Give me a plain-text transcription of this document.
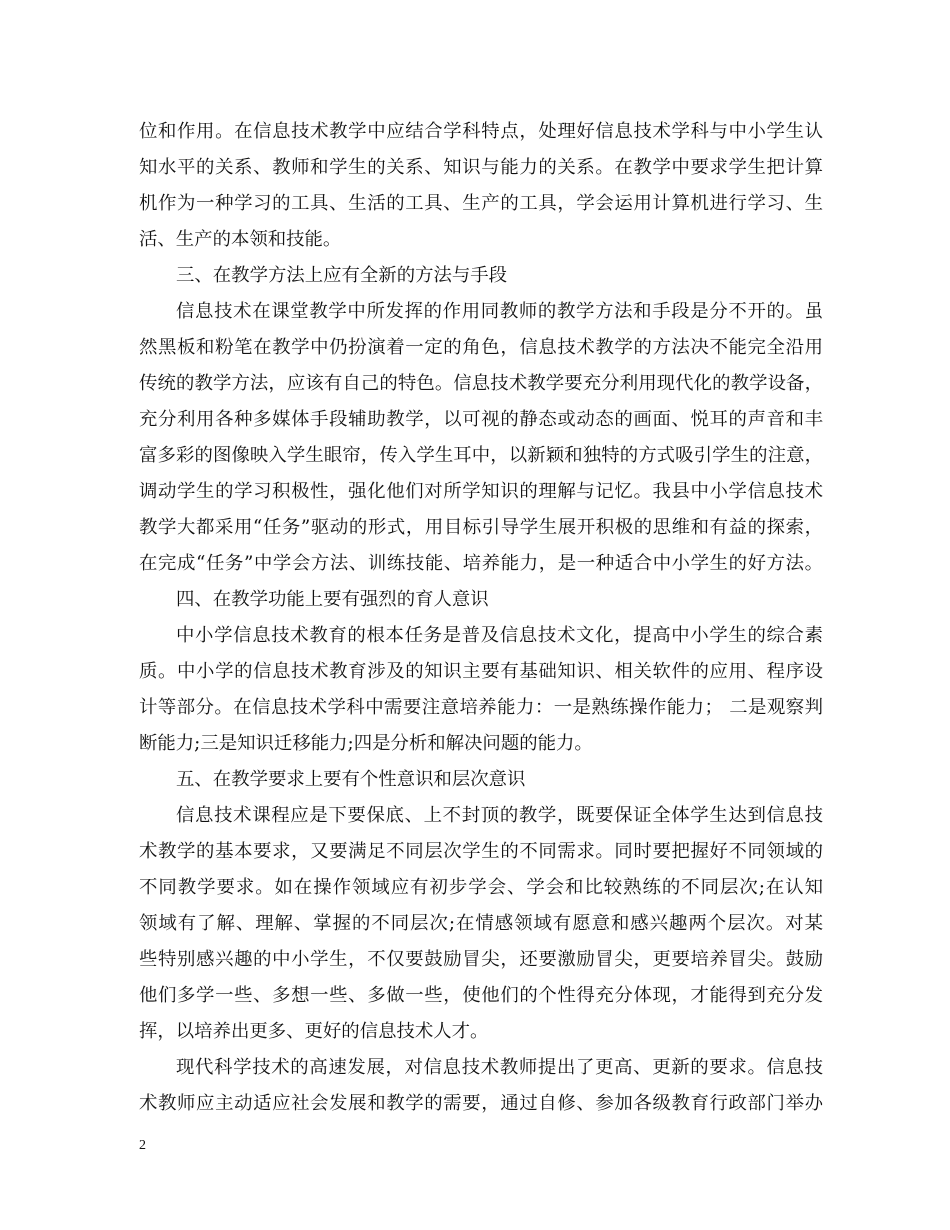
位和作用。在信息技术教学中应结合学科特点，处理好信息技术学科与中小学生认
知水平的关系、教师和学生的关系、知识与能力的关系。在教学中要求学生把计算
机作为一种学习的工具、生活的工具、生产的工具，学会运用计算机进行学习、生
活、生产的本领和技能。
三、在教学方法上应有全新的方法与手段
信息技术在课堂教学中所发挥的作用同教师的教学方法和手段是分不开的。虽
然黑板和粉笔在教学中仍扮演着一定的角色，信息技术教学的方法决不能完全沿用
传统的教学方法，应该有自己的特色。信息技术教学要充分利用现代化的教学设备，
充分利用各种多媒体手段辅助教学，以可视的静态或动态的画面、悦耳的声音和丰
富多彩的图像映入学生眼帘，传入学生耳中，以新颖和独特的方式吸引学生的注意，
调动学生的学习积极性，强化他们对所学知识的理解与记忆。我县中小学信息技术
教学大都采用“任务”驱动的形式，用目标引导学生展开积极的思维和有益的探索，
在完成“任务”中学会方法、训练技能、培养能力，是一种适合中小学生的好方法。
四、在教学功能上要有强烈的育人意识
中小学信息技术教育的根本任务是普及信息技术文化，提高中小学生的综合素
质。中小学的信息技术教育涉及的知识主要有基础知识、相关软件的应用、程序设
计等部分。在信息技术学科中需要注意培养能力：一是熟练操作能力； 二是观察判
断能力;三是知识迁移能力;四是分析和解决问题的能力。
五、在教学要求上要有个性意识和层次意识
信息技术课程应是下要保底、上不封顶的教学，既要保证全体学生达到信息技
术教学的基本要求，又要满足不同层次学生的不同需求。同时要把握好不同领域的
不同教学要求。如在操作领域应有初步学会、学会和比较熟练的不同层次;在认知
领域有了解、理解、掌握的不同层次;在情感领域有愿意和感兴趣两个层次。对某
些特别感兴趣的中小学生，不仅要鼓励冒尖，还要激励冒尖，更要培养冒尖。鼓励
他们多学一些、多想一些、多做一些，使他们的个性得充分体现，才能得到充分发
挥，以培养出更多、更好的信息技术人才。
现代科学技术的高速发展，对信息技术教师提出了更高、更新的要求。信息技
术教师应主动适应社会发展和教学的需要，通过自修、参加各级教育行政部门举办
2
